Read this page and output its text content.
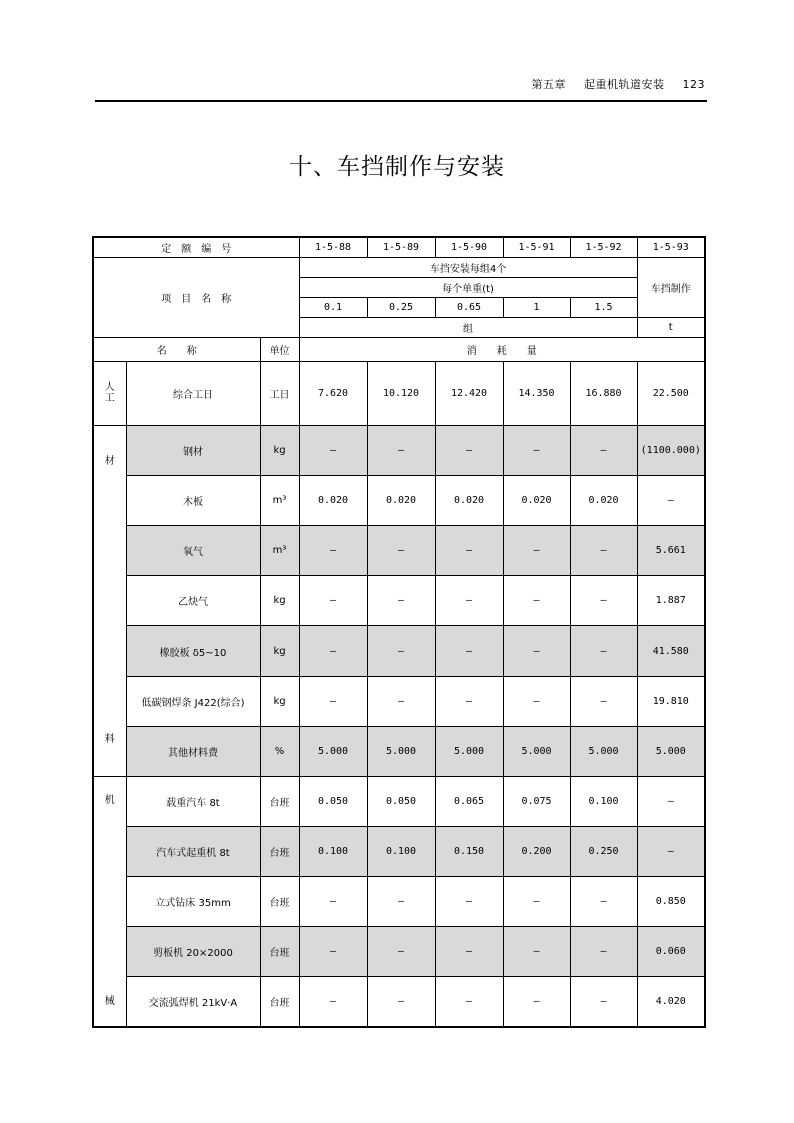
第五章 起重机轨道安装 123
十、车挡制作与安装
定　额　编　号			1-5-88	1-5-89	1-5-90	1-5-91	1-5-92	1-5-93
项　目　名　称			车挡安装每组4个					车挡制作
			每个单重(t)					
			0.1	0.25	0.65	1	1.5	
			组					t
名　　称		单位	消　　耗　　量					

人
工	综合工日	工日	7.620	10.120	12.420	14.350	16.880	22.500

材
料	钢材	kg	—	—	—	—	—	(1100.000)
	木板	m³	0.020	0.020	0.020	0.020	0.020	—
	氧气	m³	—	—	—	—	—	5.661
	乙炔气	kg	—	—	—	—	—	1.887
	橡胶板 δ5~10	kg	—	—	—	—	—	41.580
	低碳钢焊条 J422(综合)	kg	—	—	—	—	—	19.810
	其他材料费	%	5.000	5.000	5.000	5.000	5.000	5.000

机
械	载重汽车 8t	台班	0.050	0.050	0.065	0.075	0.100	—
	汽车式起重机 8t	台班	0.100	0.100	0.150	0.200	0.250	—
	立式钻床 35mm	台班	—	—	—	—	—	0.850
	剪板机 20×2000	台班	—	—	—	—	—	0.060
	交流弧焊机 21kV·A	台班	—	—	—	—	—	4.020
